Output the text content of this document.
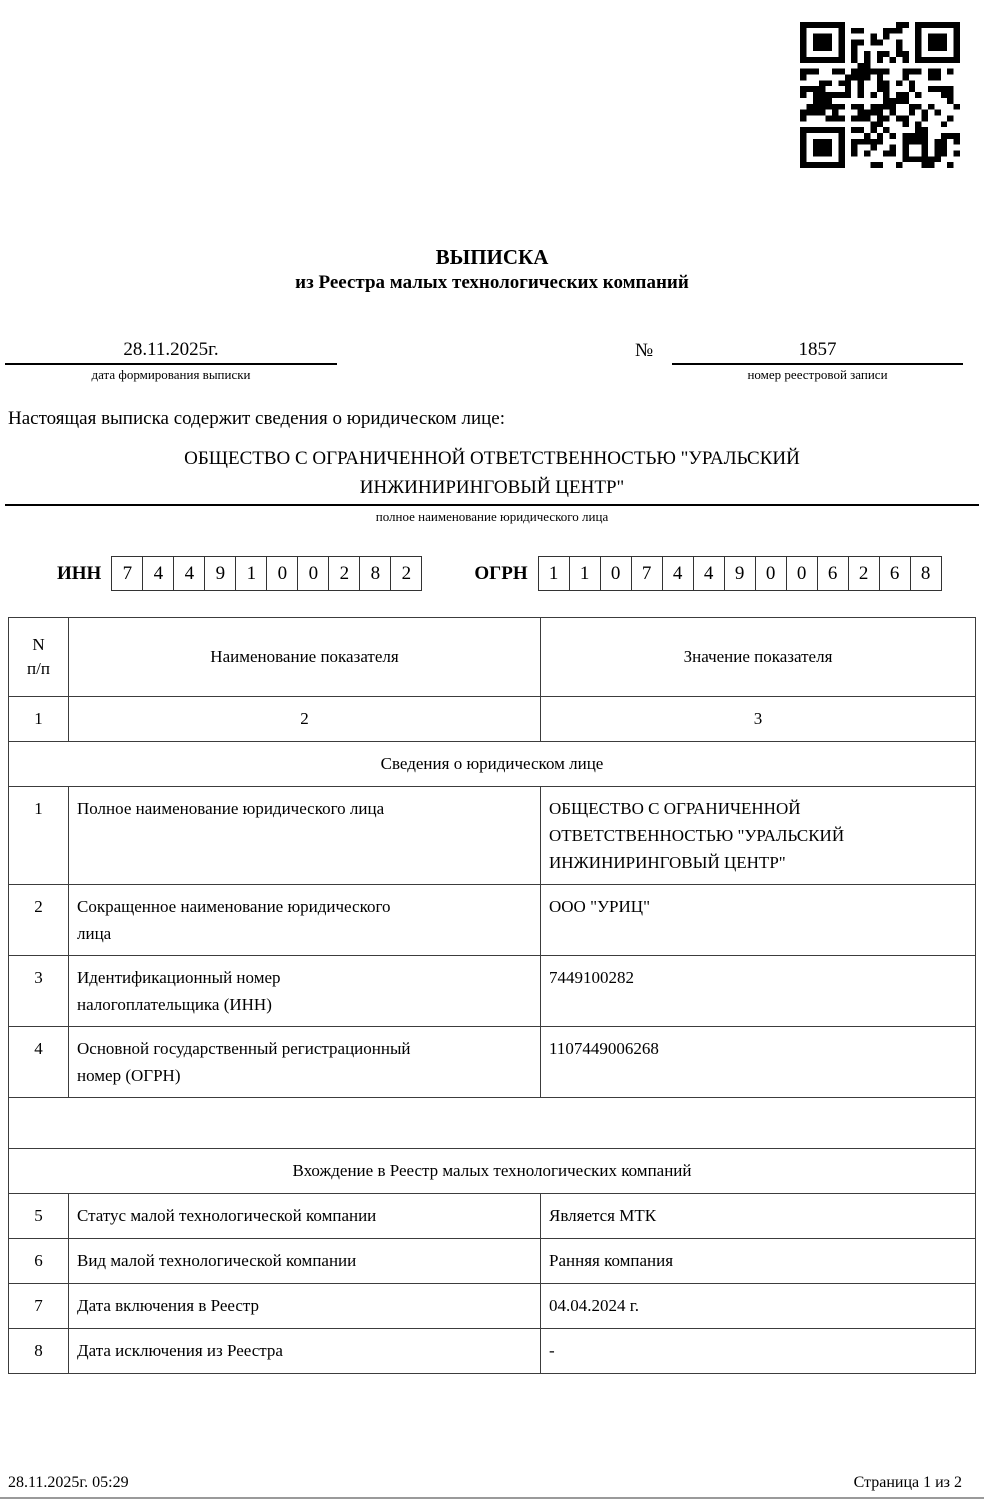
ВЫПИСКА
из Реестра малых технологических компаний
28.11.2025г.
дата формирования выписки
№	1857
номер реестровой записи
Настоящая выписка содержит сведения о юридическом лице:
ОБЩЕСТВО С ОГРАНИЧЕННОЙ ОТВЕТСТВЕННОСТЬЮ "УРАЛЬСКИЙ ИНЖИНИРИНГОВЫЙ ЦЕНТР"
полное наименование юридического лица
ИНН	7	4	4	9	1	0	0	2	8	2	ОГРН	1	1	0	7	4	4	9	0	0	6	2	6	8
N
п/п	Наименование показателя	Значение показателя
1	2	3
Сведения о юридическом лице		
1	Полное наименование юридического лица	ОБЩЕСТВО С ОГРАНИЧЕННОЙ
ОТВЕТСТВЕННОСТЬЮ "УРАЛЬСКИЙ
ИНЖИНИРИНГОВЫЙ ЦЕНТР"
2	Сокращенное наименование юридического
лица	ООО "УРИЦ"
3	Идентификационный номер
налогоплательщика (ИНН)	7449100282
4	Основной государственный регистрационный
номер (ОГРН)	1107449006268

Вхождение в Реестр малых технологических компаний		
5	Статус малой технологической компании	Является МТК
6	Вид малой технологической компании	Ранняя компания
7	Дата включения в Реестр	04.04.2024 г.
8	Дата исключения из Реестра	-
28.11.2025г. 05:29	Страница 1 из 2
